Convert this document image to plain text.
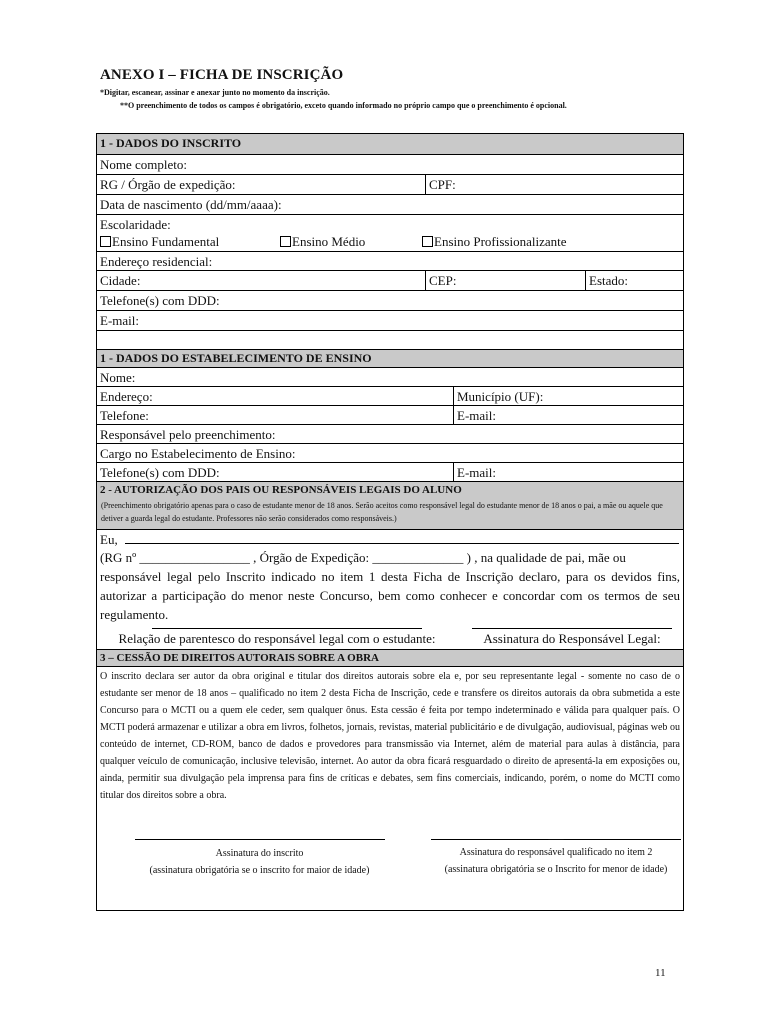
ANEXO I – FICHA DE INSCRIÇÃO
*Digitar, escanear, assinar e anexar junto no momento da inscrição.
**O preenchimento de todos os campos é obrigatório, exceto quando informado no próprio campo que o preenchimento é opcional.
1 - DADOS DO INSCRITO
Nome completo:
RG / Órgão de expedição:	CPF:
Data de nascimento (dd/mm/aaaa):
Escolaridade:
Ensino Fundamental	Ensino Médio	Ensino Profissionalizante
Endereço residencial:
Cidade:	CEP:	Estado:
Telefone(s) com DDD:
E-mail:
1 - DADOS DO ESTABELECIMENTO DE ENSINO
Nome:
Endereço:	Município (UF):
Telefone:	E-mail:
Responsável pelo preenchimento:
Cargo no Estabelecimento de Ensino:
Telefone(s) com DDD:	E-mail:
2 - AUTORIZAÇÃO DOS PAIS OU RESPONSÁVEIS LEGAIS DO ALUNO
(Preenchimento obrigatório apenas para o caso de estudante menor de 18 anos. Serão aceitos como responsável legal do estudante menor de 18 anos o pai, a mãe ou aquele que detiver a guarda legal do estudante. Professores não serão considerados como responsáveis.)
Eu,
(RG nº _________________ , Órgão de Expedição: ______________ ) , na qualidade de pai, mãe ou
responsável legal pelo Inscrito indicado no item 1 desta Ficha de Inscrição declaro, para os devidos fins, autorizar a participação do menor neste Concurso, bem como conhecer e concordar com os termos de seu regulamento.
Relação de parentesco do responsável legal com o estudante:	Assinatura do Responsável Legal:
3 – CESSÃO DE DIREITOS AUTORAIS SOBRE A OBRA
O inscrito declara ser autor da obra original e titular dos direitos autorais sobre ela e, por seu representante legal - somente no caso de o estudante ser menor de 18 anos – qualificado no item 2 desta Ficha de Inscrição, cede e transfere os direitos autorais da obra submetida a este Concurso para o MCTI ou a quem ele ceder, sem qualquer ônus. Esta cessão é feita por tempo indeterminado e válida para qualquer país. O MCTI poderá armazenar e utilizar a obra em livros, folhetos, jornais, revistas, material publicitário e de divulgação, audiovisual, páginas web ou conteúdo de internet, CD-ROM, banco de dados e provedores para transmissão via Internet, além de material para aulas à distância, para qualquer veículo de comunicação, inclusive televisão, internet. Ao autor da obra ficará resguardado o direito de apresentá-la em exposições ou, ainda, permitir sua divulgação pela imprensa para fins de críticas e debates, sem fins comerciais, indicando, porém, o nome do MCTI como titular dos direitos sobre a obra.
Assinatura do inscrito
(assinatura obrigatória se o inscrito for maior de idade)
___
Assinatura do responsável qualificado no item 2
(assinatura obrigatória se o Inscrito for menor de idade)
11
